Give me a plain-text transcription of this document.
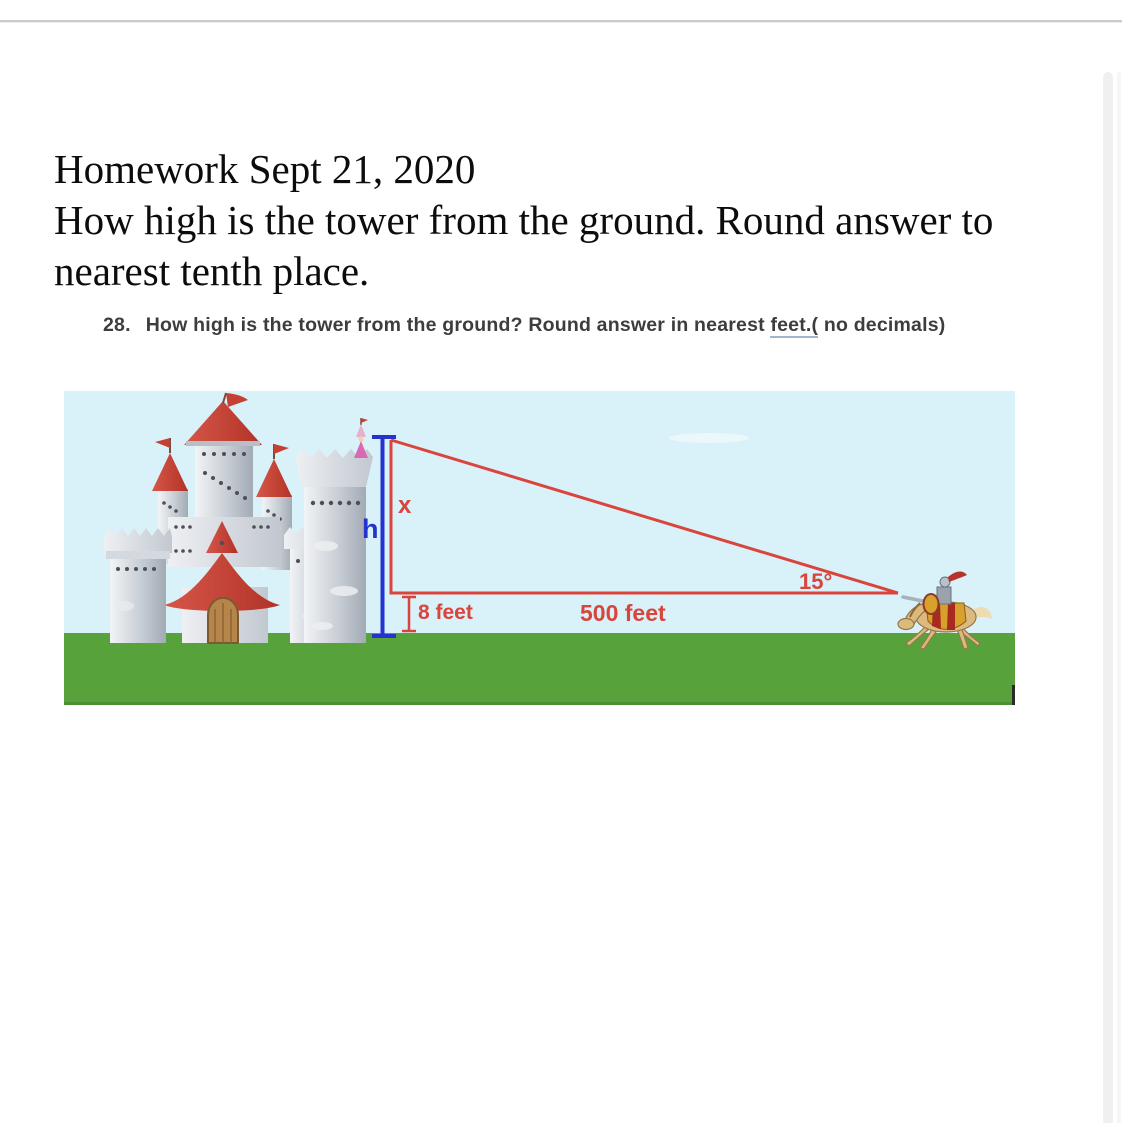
Homework Sept 21, 2020
How high is the tower from the ground. Round answer to
nearest tenth place.
28. How high is the tower from the ground? Round answer in nearest feet.( no decimals)
h
x
8 feet	500 feet
15°
